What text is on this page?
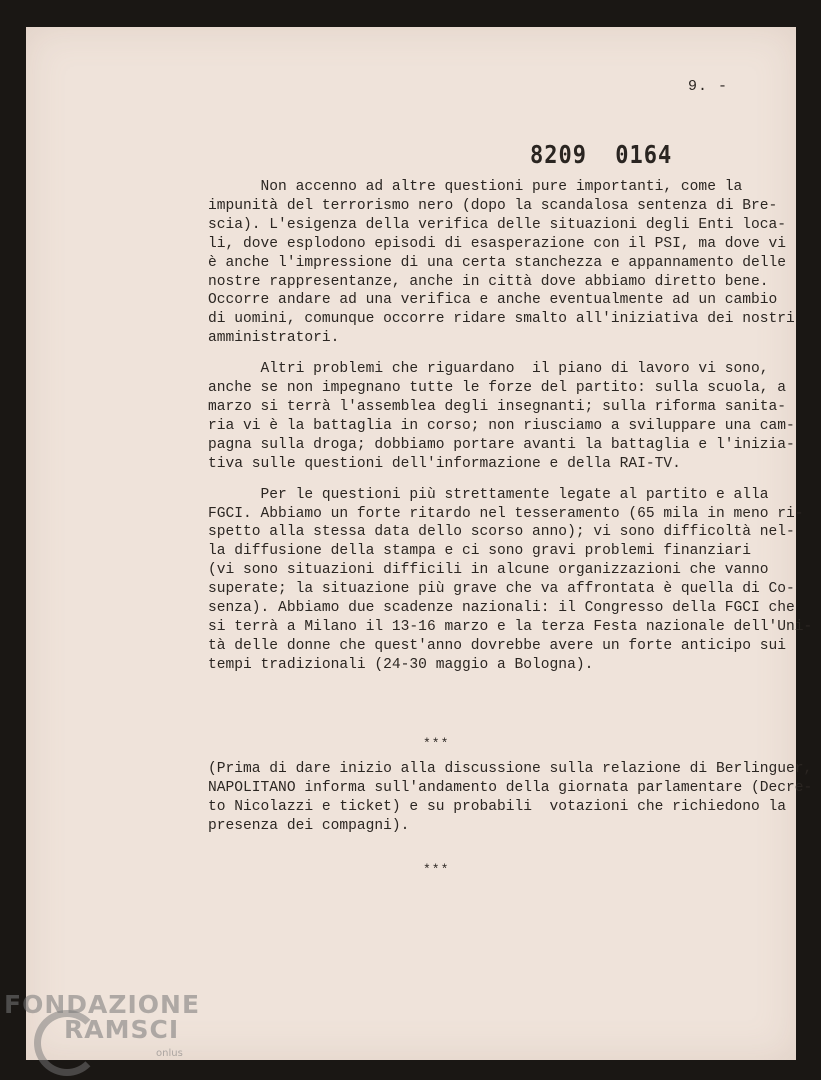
9. -
8209 0164
Non accenno ad altre questioni pure importanti, come la
impunità del terrorismo nero (dopo la scandalosa sentenza di Bre-
scia). L'esigenza della verifica delle situazioni degli Enti loca-
li, dove esplodono episodi di esasperazione con il PSI, ma dove vi
è anche l'impressione di una certa stanchezza e appannamento delle
nostre rappresentanze, anche in città dove abbiamo diretto bene.
Occorre andare ad una verifica e anche eventualmente ad un cambio
di uomini, comunque occorre ridare smalto all'iniziativa dei nostri
amministratori.
Altri problemi che riguardano  il piano di lavoro vi sono,
anche se non impegnano tutte le forze del partito: sulla scuola, a
marzo si terrà l'assemblea degli insegnanti; sulla riforma sanita-
ria vi è la battaglia in corso; non riusciamo a sviluppare una cam-
pagna sulla droga; dobbiamo portare avanti la battaglia e l'inizia-
tiva sulle questioni dell'informazione e della RAI-TV.
Per le questioni più strettamente legate al partito e alla
FGCI. Abbiamo un forte ritardo nel tesseramento (65 mila in meno ri-
spetto alla stessa data dello scorso anno); vi sono difficoltà nel-
la diffusione della stampa e ci sono gravi problemi finanziari
(vi sono situazioni difficili in alcune organizzazioni che vanno
superate; la situazione più grave che va affrontata è quella di Co-
senza). Abbiamo due scadenze nazionali: il Congresso della FGCI che
si terrà a Milano il 13-16 marzo e la terza Festa nazionale dell'Uni-
tà delle donne che quest'anno dovrebbe avere un forte anticipo sui
tempi tradizionali (24-30 maggio a Bologna).
***
(Prima di dare inizio alla discussione sulla relazione di Berlinguer,
NAPOLITANO informa sull'andamento della giornata parlamentare (Decre-
to Nicolazzi e ticket) e su probabili  votazioni che richiedono la
presenza dei compagni).
***
FONDAZIONE
RAMSCI
onlus
